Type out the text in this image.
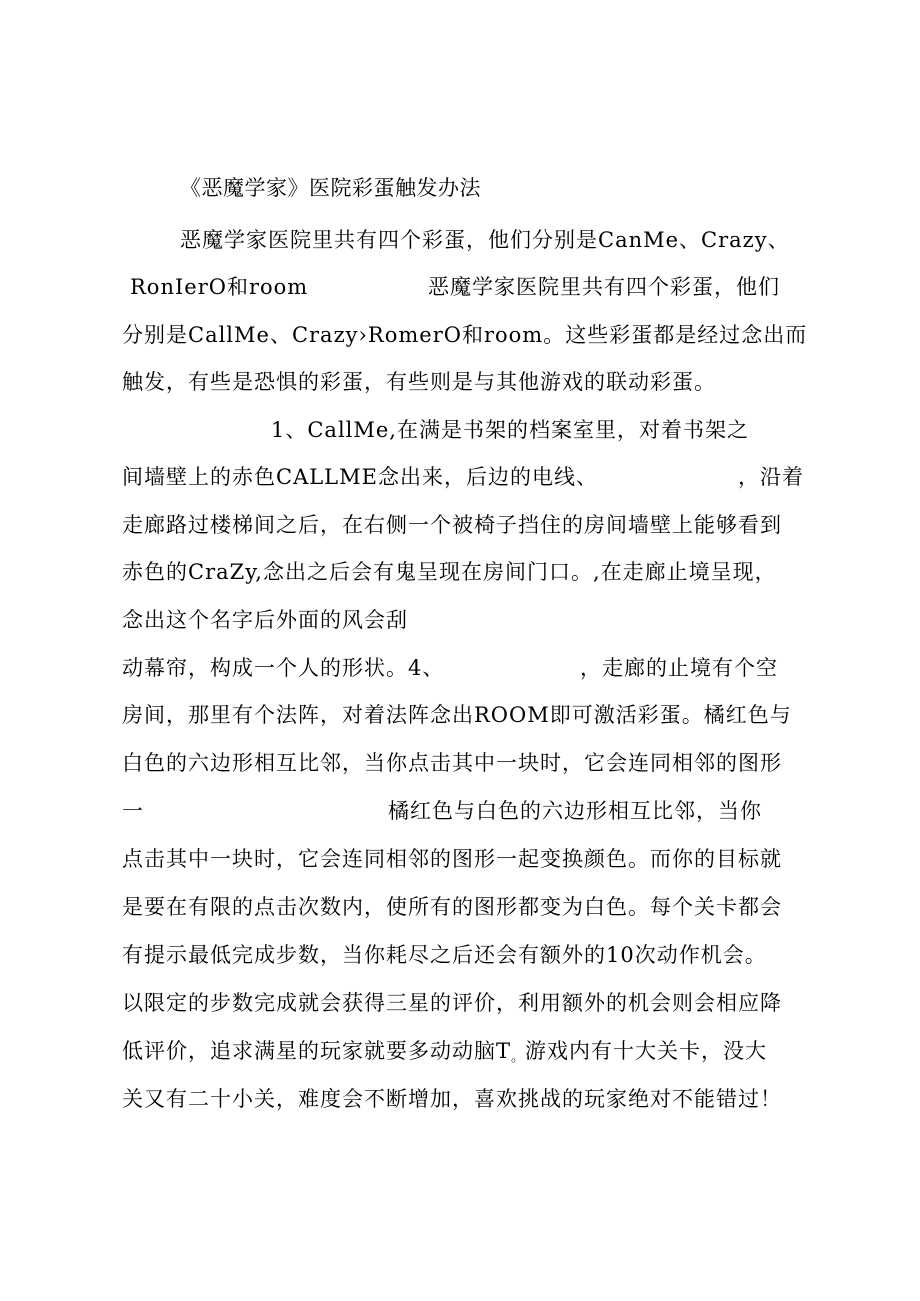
《恶魔学家》医院彩蛋触发办法
恶魔学家医院里共有四个彩蛋，他们分别是CanMe、Crazy、
RonIerO和room	恶魔学家医院里共有四个彩蛋，他们
分别是CallMe、Crazy›RomerO和room。这些彩蛋都是经过念出而
触发，有些是恐惧的彩蛋，有些则是与其他游戏的联动彩蛋。
1、CallMe,在满是书架的档案室里，对着书架之
间墙壁上的赤色CALLME念出来，后边的电线、	，沿着
走廊路过楼梯间之后，在右侧一个被椅子挡住的房间墙壁上能够看到
赤色的CraZy,念出之后会有鬼呈现在房间门口。,在走廊止境呈现，
念出这个名字后外面的风会刮
动幕帘，构成一个人的形状。4、	，走廊的止境有个空
房间，那里有个法阵，对着法阵念出ROOM即可激活彩蛋。橘红色与
白色的六边形相互比邻，当你点击其中一块时，它会连同相邻的图形
一	橘红色与白色的六边形相互比邻，当你
点击其中一块时，它会连同相邻的图形一起变换颜色。而你的目标就
是要在有限的点击次数内，使所有的图形都变为白色。每个关卡都会
有提示最低完成步数，当你耗尽之后还会有额外的10次动作机会。
以限定的步数完成就会获得三星的评价，利用额外的机会则会相应降
低评价，追求满星的玩家就要多动动脑$T_。$游戏内有十大关卡，没大
关又有二十小关，难度会不断增加，喜欢挑战的玩家绝对不能错过！
